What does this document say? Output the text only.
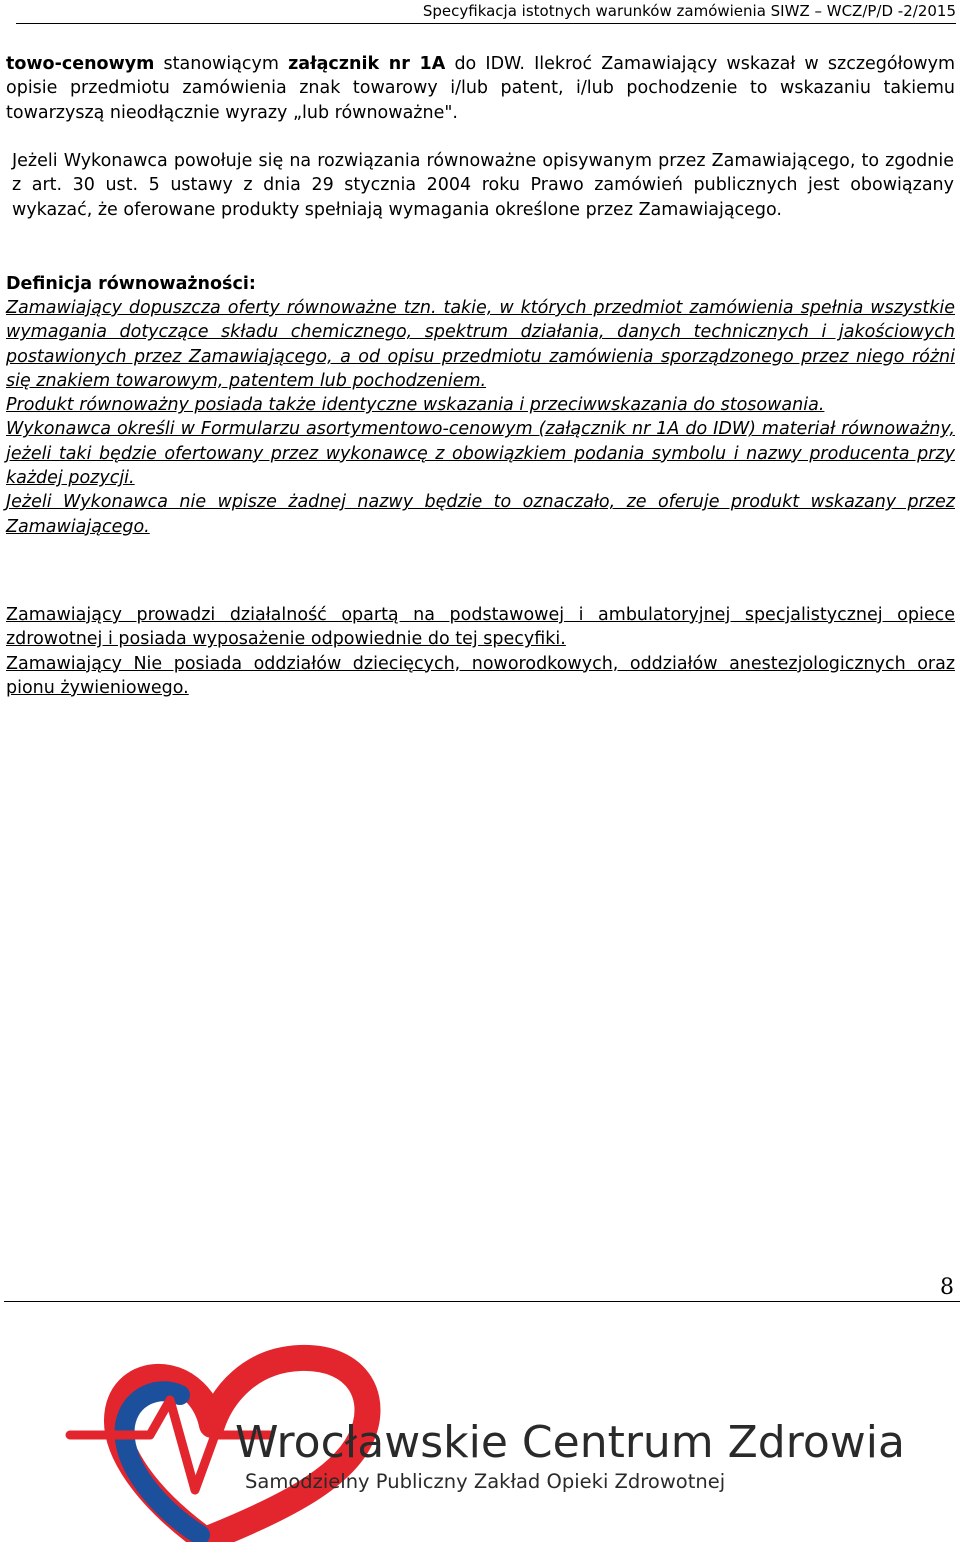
Specyfikacja istotnych warunków zamówienia SIWZ – WCZ/P/D -2/2015
towo-cenowym stanowiącym załącznik nr 1A do IDW. Ilekroć Zamawiający wskazał w szczegółowym opisie przedmiotu zamówienia znak towarowy i/lub patent, i/lub pochodzenie to wskazaniu takiemu towarzyszą nieodłącznie wyrazy „lub równoważne".
Jeżeli Wykonawca powołuje się na rozwiązania równoważne opisywanym przez Zamawiającego, to zgodnie z art. 30 ust. 5 ustawy z dnia 29 stycznia 2004 roku Prawo zamówień publicznych jest obowiązany wykazać, że oferowane produkty spełniają wymagania określone przez Zamawiającego.
Definicja równoważności:

Zamawiający dopuszcza oferty równoważne tzn. takie, w których przedmiot zamówienia spełnia wszystkie wymagania dotyczące składu chemicznego, spektrum działania, danych technicznych i jakościowych postawionych przez Zamawiającego, a od opisu przedmiotu zamówienia sporządzonego przez niego różni się znakiem towarowym, patentem lub pochodzeniem.

Produkt równoważny posiada także identyczne wskazania i przeciwwskazania do stosowania.

Wykonawca określi w Formularzu asortymentowo-cenowym (załącznik nr 1A do IDW) materiał równoważny, jeżeli taki będzie ofertowany przez wykonawcę z obowiązkiem podania symbolu i nazwy producenta przy każdej pozycji.

Jeżeli Wykonawca nie wpisze żadnej nazwy będzie to oznaczało, ze oferuje produkt wskazany przez Zamawiającego.

Zamawiający prowadzi działalność opartą na podstawowej i ambulatoryjnej specjalistycznej opiece zdrowotnej i posiada wyposażenie odpowiednie do tej specyfiki.

Zamawiający Nie posiada oddziałów dziecięcych, noworodkowych, oddziałów anestezjologicznych oraz pionu żywieniowego.

8
Wrocławskie Centrum Zdrowia
Samodzielny Publiczny Zakład Opieki Zdrowotnej
